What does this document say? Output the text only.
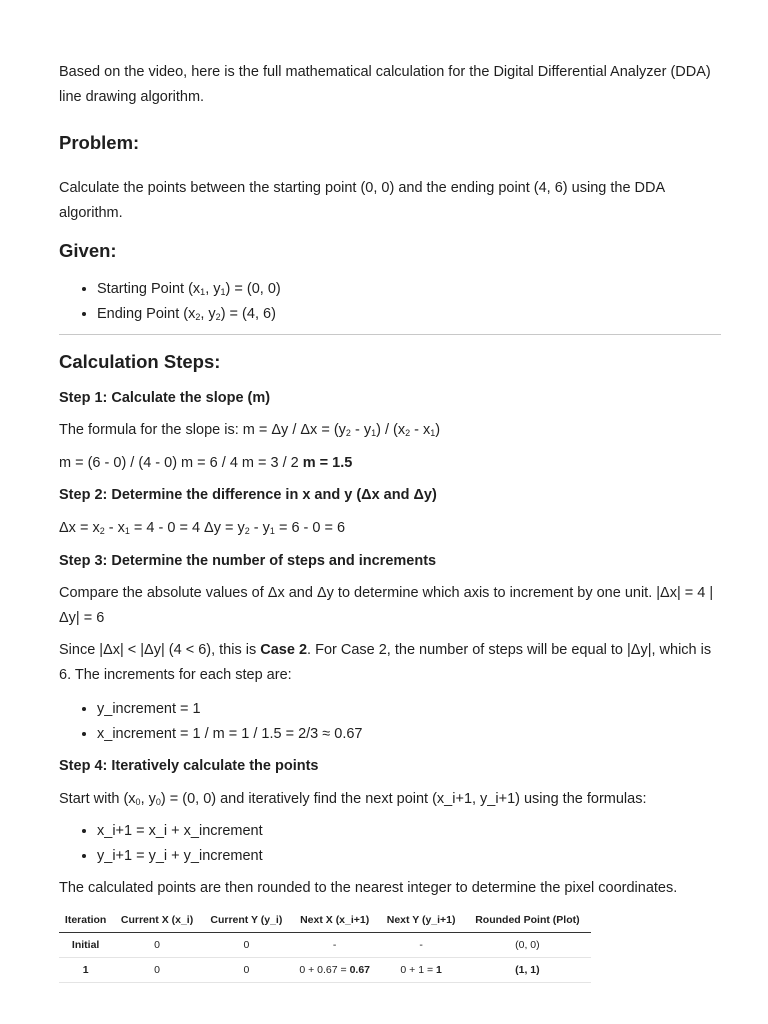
Based on the video, here is the full mathematical calculation for the Digital Differential Analyzer (DDA) line drawing algorithm.

Problem:

Calculate the points between the starting point (0, 0) and the ending point (4, 6) using the DDA algorithm.

Given:
• Starting Point ($x_1$, $y_1) = (0$, 0)
• Ending Point ($x_2$, $y_2) = (4$, 6)
Calculation Steps:
Step 1: Calculate the slope (m)

The formula for the slope is: $m = \Delta y / \Delta x = (y_2 - y_1) / (x_2 - x_1)$

m = (6 - 0) / (4 - 0) m = 6 / 4 m = 3 / 2 m = 1.5

Step 2: Determine the difference in x and y (Δx and Δy)

$\Delta x = x_2 - x_1 = 4 - 0 = 4$ $\Delta y = y_2 - y_1 = 6 - 0 = 6$

Step 3: Determine the number of steps and increments

Compare the absolute values of Δx and Δy to determine which axis to increment by one unit. |Δx| = 4 |Δy| = 6

Since |Δx| < |Δy| (4 < 6), this is Case 2. For Case 2, the number of steps will be equal to |Δy|, which is 6. The increments for each step are:

• y_increment = 1
• x_increment = 1 / m = 1 / 1.5 = 2/3 ≈ 0.67
Step 4: Iteratively calculate the points

Start with ($x_0$, $y_0) = (0$, 0) and iteratively find the next point (x_i+1, y_i+1) using the formulas:

• x_i+1 = x_i + x_increment
• y_i+1 = y_i + y_increment

The calculated points are then rounded to the nearest integer to determine the pixel coordinates.

Iteration	Current X (x_i)	Current Y (y_i)	Next X (x_i+1)	Next Y (y_i+1)	Rounded Point (Plot)
Initial	0	0	-	-	(0, 0)
1	0	0	0 + 0.67 = 0.67	0 + 1 = 1	(1, 1)
